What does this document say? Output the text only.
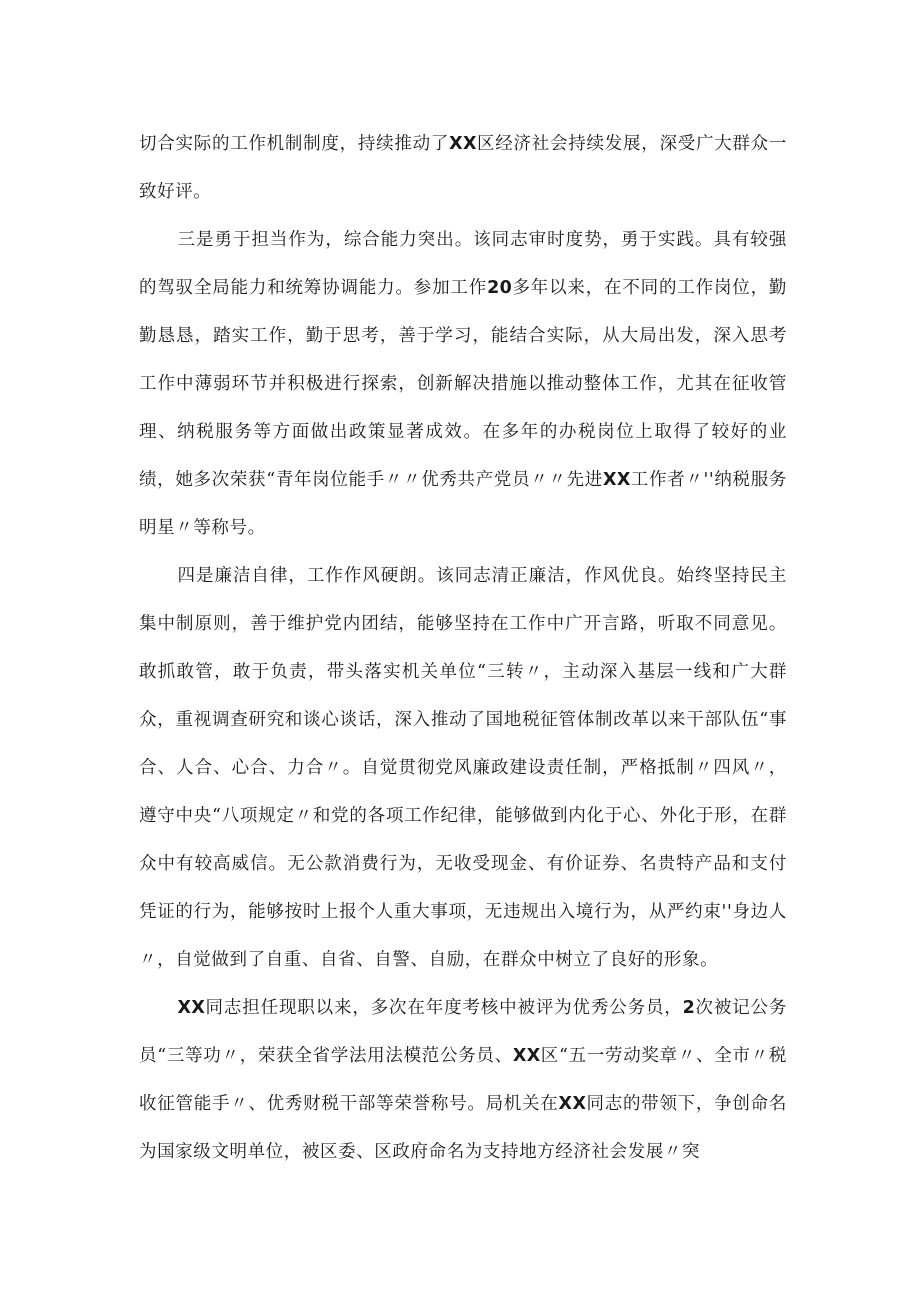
切合实际的工作机制制度，持续推动了XX区经济社会持续发展，深受广大群众一致好评。

三是勇于担当作为，综合能力突出。该同志审时度势，勇于实践。具有较强的驾驭全局能力和统筹协调能力。参加工作20多年以来，在不同的工作岗位，勤勤恳恳，踏实工作，勤于思考，善于学习，能结合实际，从大局出发，深入思考工作中薄弱环节并积极进行探索，创新解决措施以推动整体工作，尤其在征收管理、纳税服务等方面做出政策显著成效。在多年的办税岗位上取得了较好的业绩，她多次荣获“青年岗位能手〃〃优秀共产党员〃〃先进XX工作者〃''纳税服务明星〃等称号。

四是廉洁自律，工作作风硬朗。该同志清正廉洁，作风优良。始终坚持民主集中制原则，善于维护党内团结，能够坚持在工作中广开言路，听取不同意见。敢抓敢管，敢于负责，带头落实机关单位“三转〃，主动深入基层一线和广大群众，重视调查研究和谈心谈话，深入推动了国地税征管体制改革以来干部队伍“事合、人合、心合、力合〃。自觉贯彻党风廉政建设责任制，严格抵制〃四风〃，遵守中央“八项规定〃和党的各项工作纪律，能够做到内化于心、外化于形，在群众中有较高威信。无公款消费行为，无收受现金、有价证券、名贵特产品和支付凭证的行为，能够按时上报个人重大事项，无违规出入境行为，从严约束''身边人〃，自觉做到了自重、自省、自警、自励，在群众中树立了良好的形象。

XX同志担任现职以来，多次在年度考核中被评为优秀公务员，2次被记公务员“三等功〃，荣获全省学法用法模范公务员、XX区“五一劳动奖章〃、全市〃税收征管能手〃、优秀财税干部等荣誉称号。局机关在XX同志的带领下，争创命名为国家级文明单位，被区委、区政府命名为支持地方经济社会发展〃突
